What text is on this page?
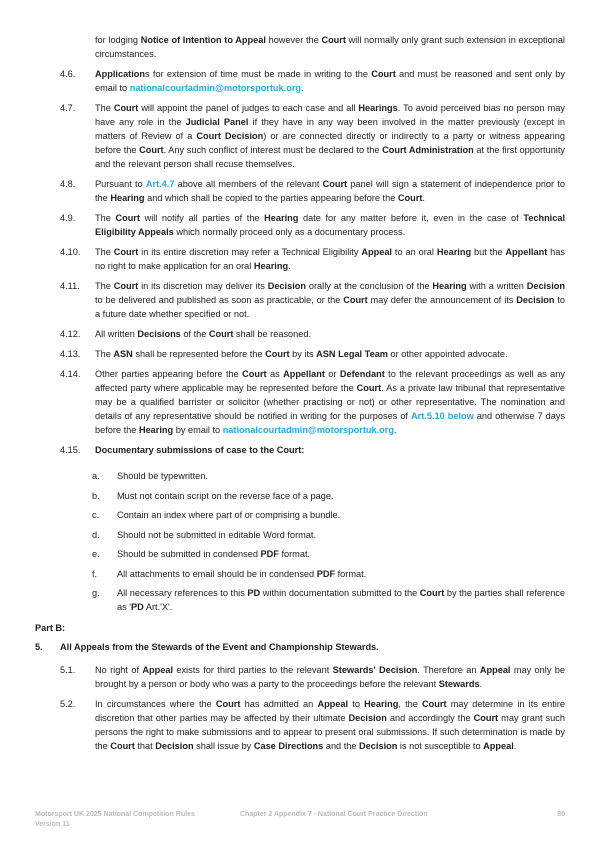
for lodging Notice of Intention to Appeal however the Court will normally only grant such extension in exceptional circumstances.
4.6. Applications for extension of time must be made in writing to the Court and must be reasoned and sent only by email to nationalcourtadmin@motorsportuk.org.
4.7. The Court will appoint the panel of judges to each case and all Hearings. To avoid perceived bias no person may have any role in the Judicial Panel if they have in any way been involved in the matter previously (except in matters of Review of a Court Decision) or are connected directly or indirectly to a party or witness appearing before the Court. Any such conflict of interest must be declared to the Court Administration at the first opportunity and the relevant person shall recuse themselves.
4.8. Pursuant to Art.4.7 above all members of the relevant Court panel will sign a statement of independence prior to the Hearing and which shall be copied to the parties appearing before the Court.
4.9. The Court will notify all parties of the Hearing date for any matter before it, even in the case of Technical Eligibility Appeals which normally proceed only as a documentary process.
4.10. The Court in its entire discretion may refer a Technical Eligibility Appeal to an oral Hearing but the Appellant has no right to make application for an oral Hearing.
4.11. The Court in its discretion may deliver its Decision orally at the conclusion of the Hearing with a written Decision to be delivered and published as soon as practicable, or the Court may defer the announcement of its Decision to a future date whether specified or not.
4.12. All written Decisions of the Court shall be reasoned.
4.13. The ASN shall be represented before the Court by its ASN Legal Team or other appointed advocate.
4.14. Other parties appearing before the Court as Appellant or Defendant to the relevant proceedings as well as any affected party where applicable may be represented before the Court. As a private law tribunal that representative may be a qualified barrister or solicitor (whether practising or not) or other representative. The nomination and details of any representative should be notified in writing for the purposes of Art.5.10 below and otherwise 7 days before the Hearing by email to nationalcourtadmin@motorsportuk.org.
4.15. Documentary submissions of case to the Court:
a. Should be typewritten.
b. Must not contain script on the reverse face of a page.
c. Contain an index where part of or comprising a bundle.
d. Should not be submitted in editable Word format.
e. Should be submitted in condensed PDF format.
f. All attachments to email should be in condensed PDF format.
g. All necessary references to this PD within documentation submitted to the Court by the parties shall reference as 'PD Art.'X'.
Part B:
5. All Appeals from the Stewards of the Event and Championship Stewards.
5.1. No right of Appeal exists for third parties to the relevant Stewards' Decision. Therefore an Appeal may only be brought by a person or body who was a party to the proceedings before the relevant Stewards.
5.2. In circumstances where the Court has admitted an Appeal to Hearing, the Court may determine in its entire discretion that other parties may be affected by their ultimate Decision and accordingly the Court may grant such persons the right to make submissions and to appear to present oral submissions. If such determination is made by the Court that Decision shall issue by Case Directions and the Decision is not susceptible to Appeal.
Motorsport UK 2025 National Competition Rules
Version 11
Chapter 2 Appendix 7 - National Court Practice Direction	80
